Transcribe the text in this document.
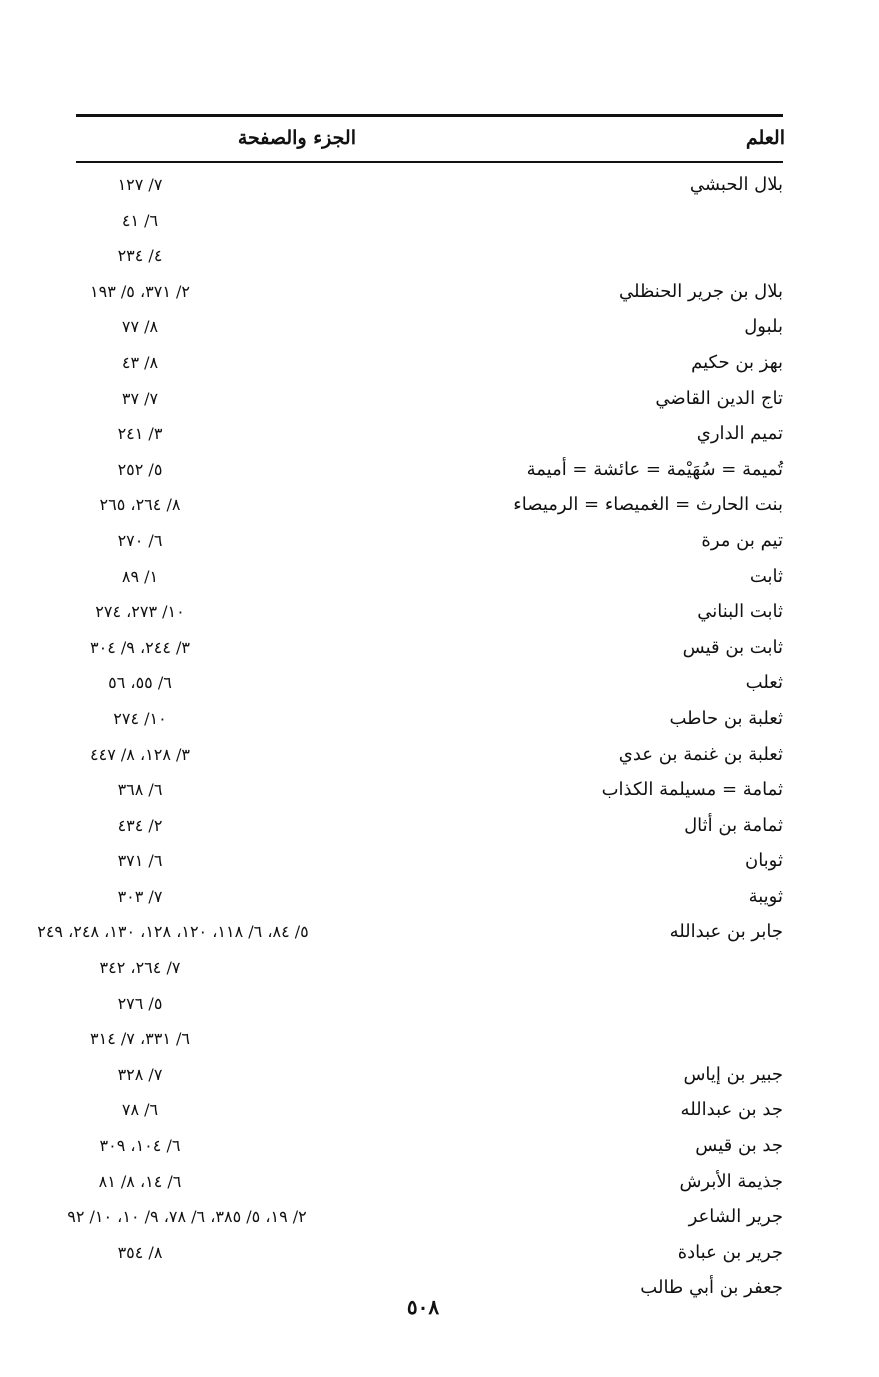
العلم
الجزء والصفحة
بلال الحبشي
٧/ ١٢٧
٦/ ٤١
٤/ ٢٣٤
بلال بن جرير الحنظلي
٢/ ٣٧١، ٥/ ١٩٣
بلبول
٨/ ٧٧
بهز بن حكيم
٨/ ٤٣
تاج الدين القاضي
٧/ ٣٧
تميم الداري
٣/ ٢٤١
تُميمة = سُهَيْمة = عائشة = أميمة
٥/ ٢٥٢
بنت الحارث = الغميصاء = الرميصاء
٨/ ٢٦٤، ٢٦٥
تيم بن مرة
٦/ ٢٧٠
ثابت
١/ ٨٩
ثابت البناني
١٠/ ٢٧٣، ٢٧٤
ثابت بن قيس
٣/ ٢٤٤، ٩/ ٣٠٤
ثعلب
٦/ ٥٥، ٥٦
ثعلبة بن حاطب
١٠/ ٢٧٤
ثعلبة بن غنمة بن عدي
٣/ ١٢٨، ٨/ ٤٤٧
ثمامة = مسيلمة الكذاب
٦/ ٣٦٨
ثمامة بن أثال
٢/ ٤٣٤
ثوبان
٦/ ٣٧١
ثويبة
٧/ ٣٠٣
جابر بن عبدالله
٥/ ٨٤، ٦/ ١١٨، ١٢٠، ١٢٨، ١٣٠، ٢٤٨، ٢٤٩
٧/ ٢٦٤، ٣٤٢
٥/ ٢٧٦
٦/ ٣٣١، ٧/ ٣١٤
جبير بن إياس
٧/ ٣٢٨
جد بن عبدالله
٦/ ٧٨
جد بن قيس
٦/ ١٠٤، ٣٠٩
جذيمة الأبرش
٦/ ١٤، ٨/ ٨١
جرير الشاعر
٢/ ١٩، ٥/ ٣٨٥، ٦/ ٧٨، ٩/ ١٠، ١٠/ ٩٢
جرير بن عبادة
٨/ ٣٥٤
جعفر بن أبي طالب
٥٠٨
